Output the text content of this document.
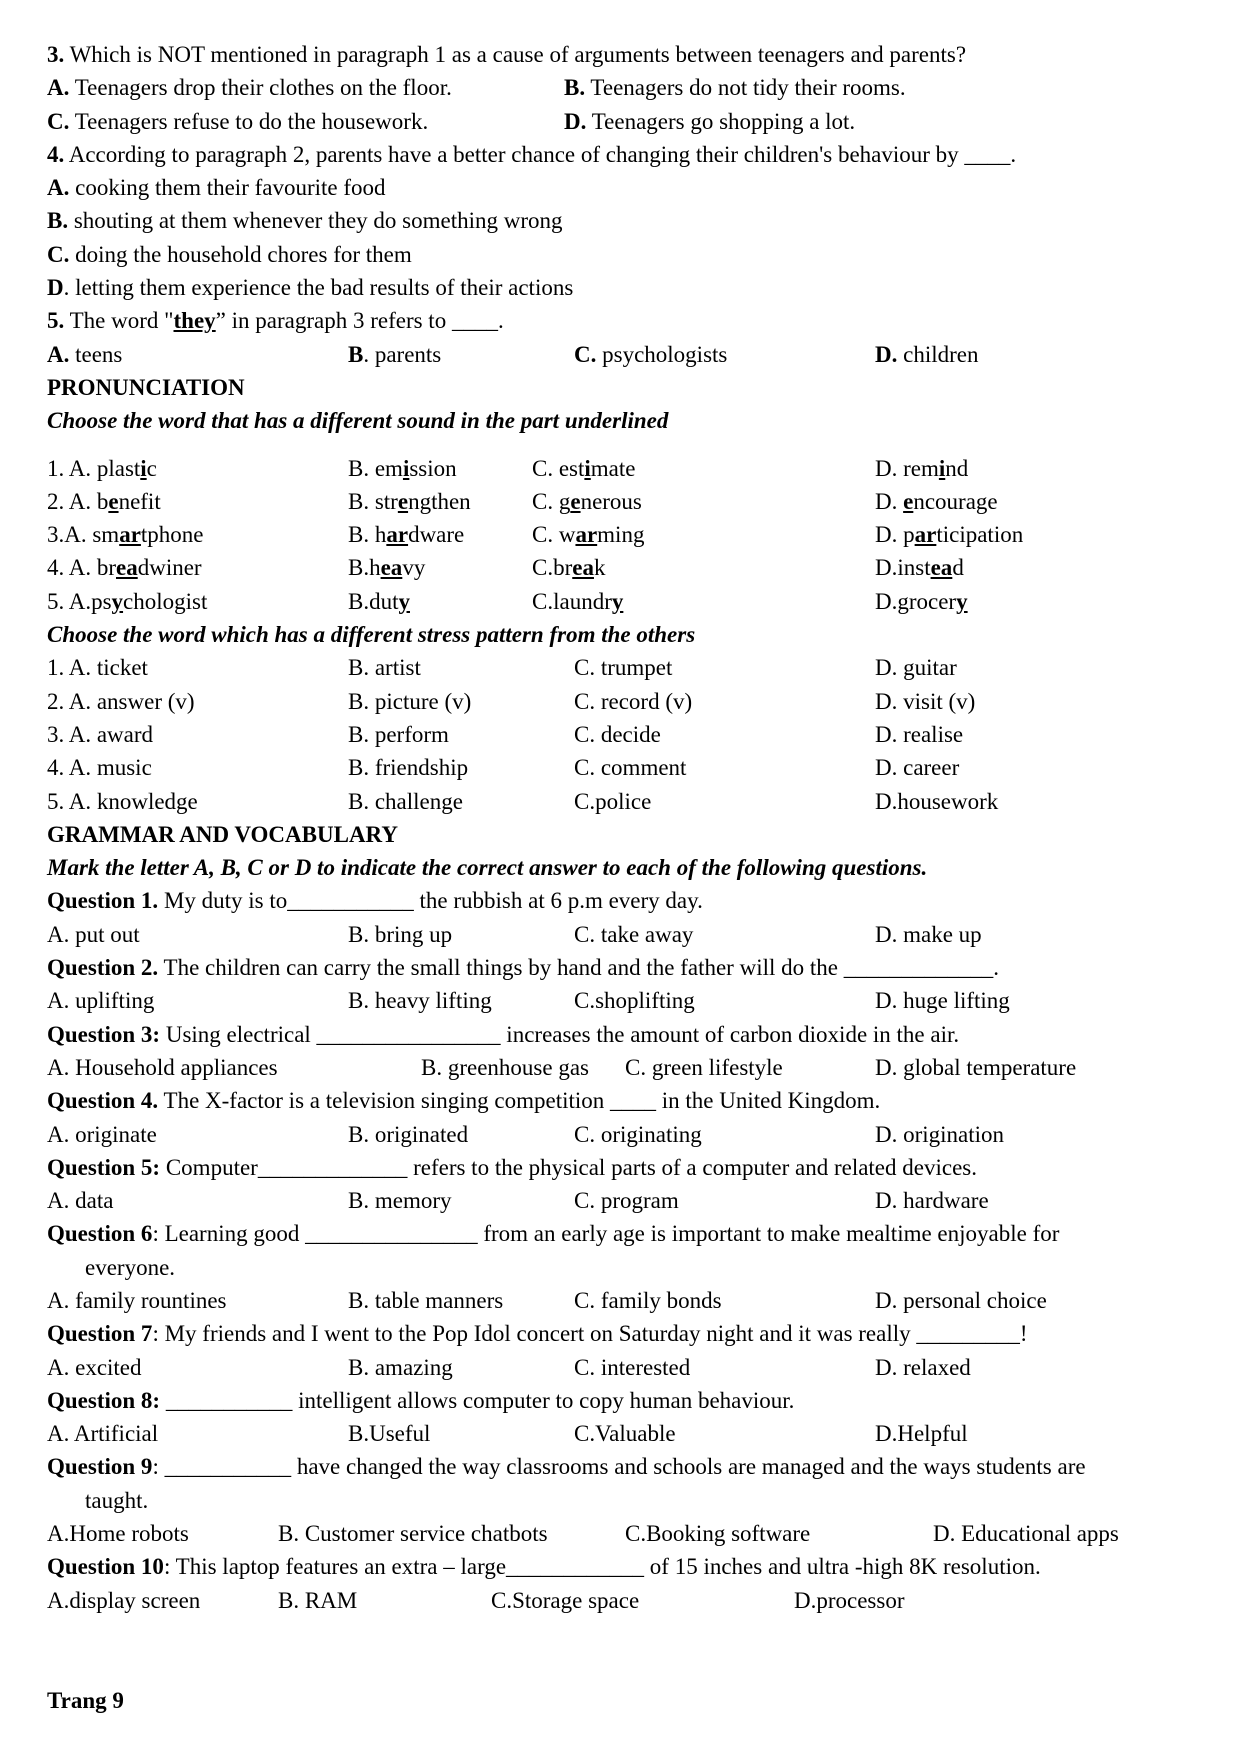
3. Which is NOT mentioned in paragraph 1 as a cause of arguments between teenagers and parents?
A. Teenagers drop their clothes on the floor.	B. Teenagers do not tidy their rooms.
C. Teenagers refuse to do the housework.	D. Teenagers go shopping a lot.
4. According to paragraph 2, parents have a better chance of changing their children's behaviour by ____.
A. cooking them their favourite food
B. shouting at them whenever they do something wrong
C. doing the household chores for them
D. letting them experience the bad results of their actions
5. The word "they” in paragraph 3 refers to ____.
A. teens	B. parents	C. psychologists	D. children
PRONUNCIATION
Choose the word that has a different sound in the part underlined
1. A. plastic	B. emission	C. estimate	D. remind
2. A. benefit	B. strengthen	C. generous	D. encourage
3.A. smartphone	B. hardware	C. warming	D. participation
4. A. breadwiner	B.heavy	C.break	D.instead
5. A.psychologist	B.duty	C.laundry	D.grocery
Choose the word which has a different stress pattern from the others
1. A. ticket	B. artist	C. trumpet	D. guitar
2. A. answer (v)	B. picture (v)	C. record (v)	D. visit (v)
3. A. award	B. perform	C. decide	D. realise
4. A. music	B. friendship	C. comment	D. career
5. A. knowledge	B. challenge	C.police	D.housework
GRAMMAR AND VOCABULARY
Mark the letter A, B, C or D to indicate the correct answer to each of the following questions.
Question 1. My duty is to___________ the rubbish at 6 p.m every day.
A. put out	B. bring up	C. take away	D. make up
Question 2. The children can carry the small things by hand and the father will do the _____________.
A. uplifting	B. heavy lifting	C.shoplifting	D. huge lifting
Question 3: Using electrical ________________ increases the amount of carbon dioxide in the air.
A. Household appliances	B. greenhouse gas C. green lifestyle	D. global temperature
Question 4. The X-factor is a television singing competition ____ in the United Kingdom.
A. originate	B. originated	C. originating	D. origination
Question 5: Computer_____________ refers to the physical parts of a computer and related devices.
A. data	B. memory	C. program	D. hardware
Question 6: Learning good _______________ from an early age is important to make mealtime enjoyable for
everyone.
A. family rountines	B. table manners	C. family bonds	D. personal choice
Question 7: My friends and I went to the Pop Idol concert on Saturday night and it was really _________!
A. excited	B. amazing	C. interested	D. relaxed
Question 8: ___________ intelligent allows computer to copy human behaviour.
A. Artificial	B.Useful	C.Valuable	D.Helpful
Question 9: ___________ have changed the way classrooms and schools are managed and the ways students are
taught.
A.Home robots	B. Customer service chatbots	C.Booking software	D. Educational apps
Question 10: This laptop features an extra – large____________ of 15 inches and ultra -high 8K resolution.
A.display screen	B. RAM	C.Storage space	D.processor
Trang 9
